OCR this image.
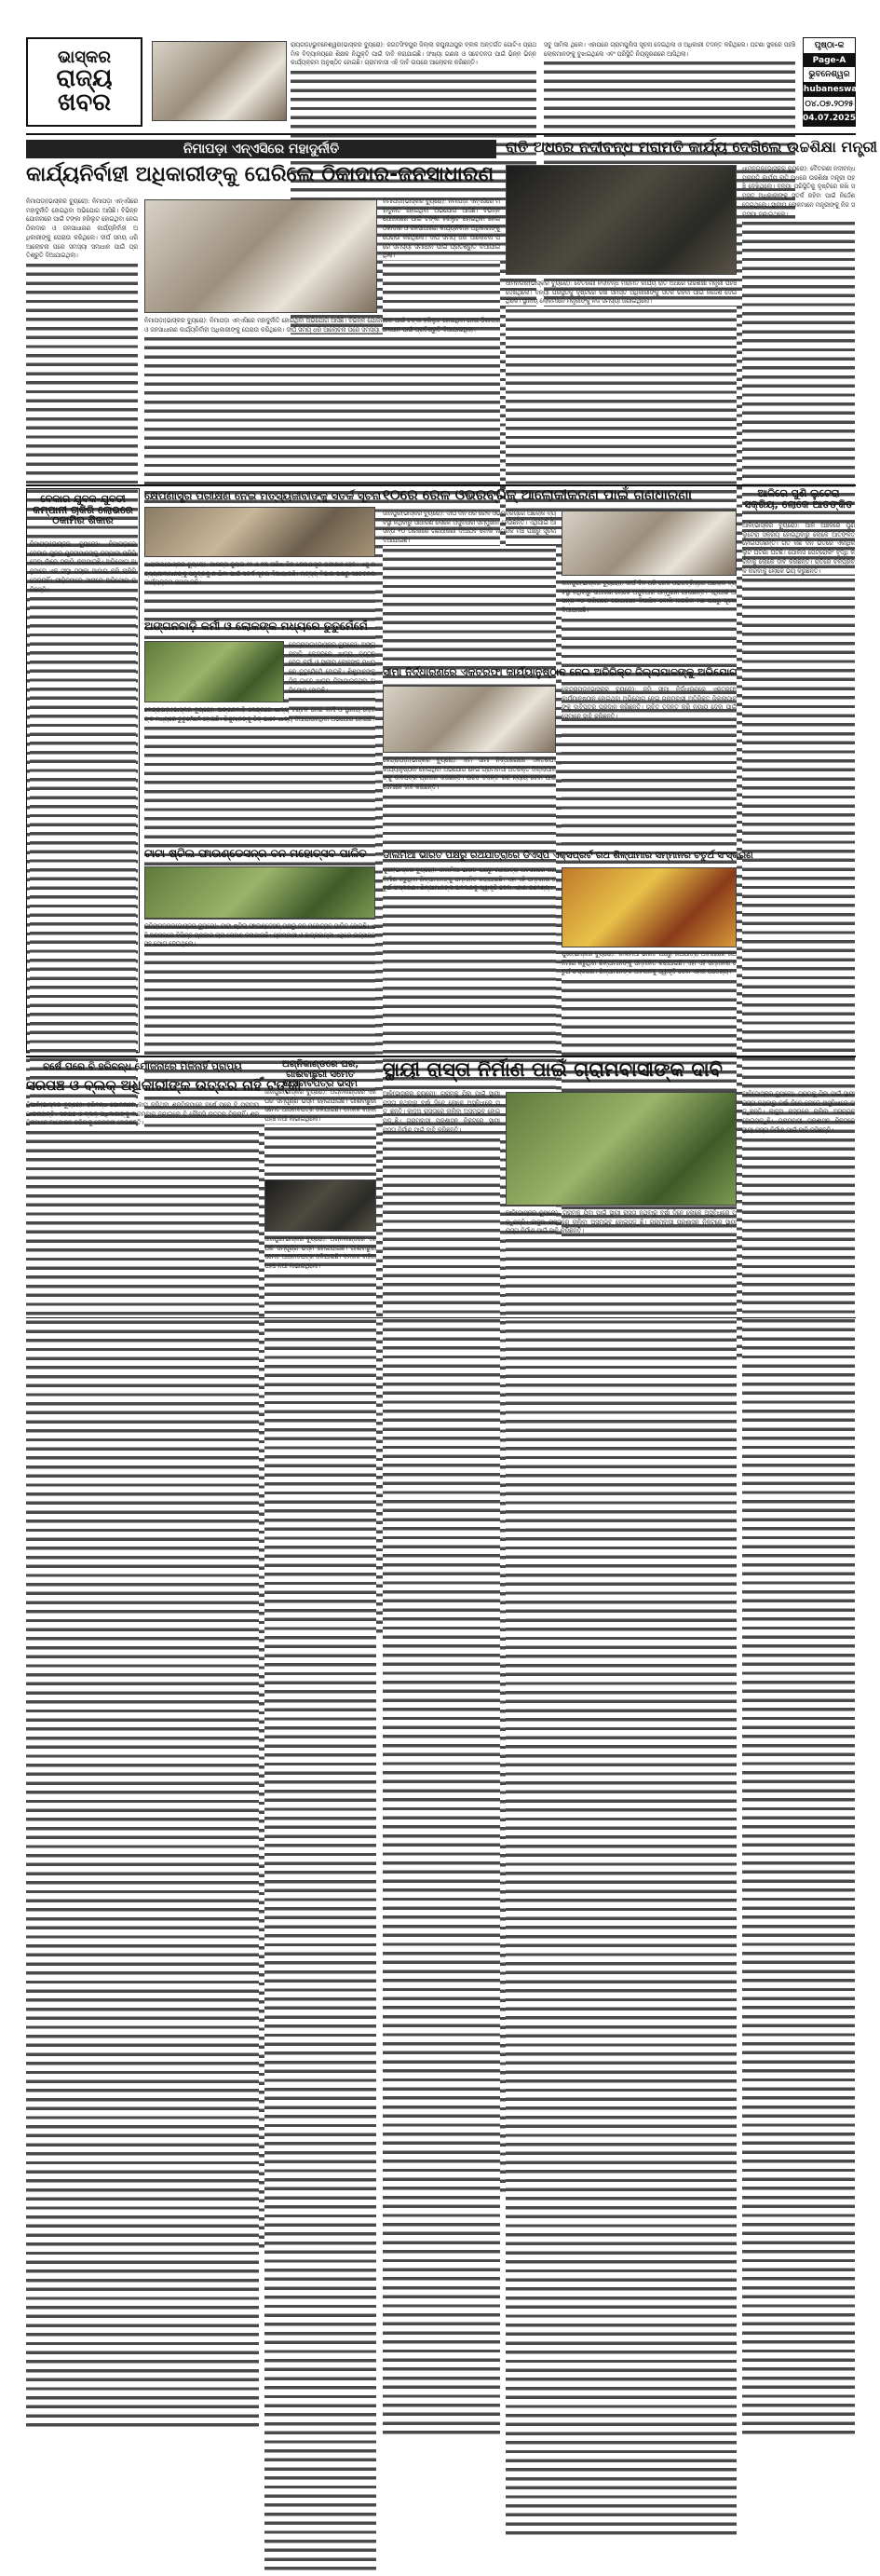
ଭାସ୍କର
ରାଜ୍ୟ ଖବର
ରାୟଗଡ଼ା/ଭୁବନେଶ୍ୱର(ଭାସ୍କର ବ୍ୟୁରୋ): ଜଗତସିଂହପୁର ଜିଲ୍ଲା ରଘୁନାଥପୁର ବ୍ଲକ ଅନ୍ତର୍ଗତ ଗୋଟିଏ ପ୍ରାଥମିକ ବିଦ୍ୟାଳୟରେ ଶିକ୍ଷକ ନିଯୁକ୍ତି ପାଇଁ ଦାବି କରାଯାଇଛି। ସଂଖ୍ୟା ଗଣନା ଓ ସଚେତନତା ପାଇଁ ଭିନ୍ନ ଭିନ୍ନ କାର୍ଯ୍ୟକ୍ରମ ଅନୁଷ୍ଠିତ ହୋଇଛି। ଗ୍ରାମବାସୀ ଏହି ଦାବି ଉପରେ ଆଲୋଚନା କରିଛନ୍ତି।
ସବୁ ସାମିଲ ଥିଲେ। ଏହାପରେ ଗ୍ରାମପୁଲିସ ସୂଚନା ଦେଇଥିଲା ଓ ଅଧିକାରୀ ତଦନ୍ତ କରିଥିଲେ। ଘଟଣା ସ୍ଥଳରେ ପହଞ୍ଚି ଲୋକମାନଙ୍କୁ ବୁଝାଇଥିଲେ ଏବଂ ପରିସ୍ଥିତି ନିୟନ୍ତ୍ରଣରେ ଆସିଥିଲା।
ପୃଷ୍ଠା-କ
Page-A
ଭୁବନେଶ୍ୱର
Bhubaneswar
୦୪.୦୭.୨୦୨୫
04.07.2025
ନିମାପଡ଼ା ଏନ୍‌ଏସିରେ ମହାଦୁର୍ନୀତି
କାର୍ଯ୍ୟନିର୍ବାହୀ ଅଧିକାରୀଙ୍କୁ ଘେରିଲେ ଠିକାଦାର-ଜନସାଧାରଣ
ନିମାପଡ଼ା(ଭାସ୍କର ବ୍ୟୁରୋ): ନିମାପଡ଼ା ଏନ୍‌ଏସିରେ ମହାଦୁର୍ନୀତି ହୋଇଥିବା ଅଭିଯୋଗ ଆସିଛି। ବିଭିନ୍ନ ଯୋଜନାରେ ପାଇଁ ଟଙ୍କା ହରିଲୁଟ ହୋଇଥିବା ନେଇ ଠିକାଦାର ଓ ଜନସାଧାରଣ କାର୍ଯ୍ୟନିର୍ବାହୀ ଅଧିକାରୀଙ୍କୁ ଘେରାଉ କରିଥିଲେ। ଦୀର୍ଘ ସମୟ ଧରି ଆଲୋଚନା ପରେ ସମସ୍ୟା ସମାଧାନ ପାଇଁ ପ୍ରତିଶ୍ରୁତି ଦିଆଯାଇଥିଲା।
ନିମାପଡ଼ା(ଭାସ୍କର ବ୍ୟୁରୋ): ନିମାପଡ଼ା ଏନ୍‌ଏସିରେ ମହାଦୁର୍ନୀତି ହୋଇଥିବା ଅଭିଯୋଗ ଆସିଛି। ବିଭିନ୍ନ ଯୋଜନାରେ ପାଇଁ ଟଙ୍କା ହରିଲୁଟ ହୋଇଥିବା ନେଇ ଠିକାଦାର ଓ ଜନସାଧାରଣ କାର୍ଯ୍ୟନିର୍ବାହୀ ଅଧିକାରୀଙ୍କୁ ଘେରାଉ କରିଥିଲେ। ଦୀର୍ଘ ସମୟ ଧରି ଆଲୋଚନା ପରେ ସମସ୍ୟା ସମାଧାନ ପାଇଁ ପ୍ରତିଶ୍ରୁତି ଦିଆଯାଇଥିଲା।
ନିମାପଡ଼ା(ଭାସ୍କର ବ୍ୟୁରୋ): ନିମାପଡ଼ା ଏନ୍‌ଏସିରେ ମହାଦୁର୍ନୀତି ହୋଇଥିବା ଅଭିଯୋଗ ଆସିଛି। ବିଭିନ୍ନ ଯୋଜନାରେ ପାଇଁ ଟଙ୍କା ହରିଲୁଟ ହୋଇଥିବା ନେଇ ଠିକାଦାର ଓ ଜନସାଧାରଣ କାର୍ଯ୍ୟନିର୍ବାହୀ ଅଧିକାରୀଙ୍କୁ ଘେରାଉ କରିଥିଲେ। ଦୀର୍ଘ ସମୟ ଧରି ଆଲୋଚନା ପରେ ସମସ୍ୟା ସମାଧାନ ପାଇଁ ପ୍ରତିଶ୍ରୁତି ଦିଆଯାଇଥିଲା।
ରାତି ଅଧରେ ନଦୀବନ୍ଧ ମରାମତି କାର୍ଯ୍ୟ ଦେଖିଲେ ଉଚ୍ଚଶିକ୍ଷା ମନ୍ତ୍ରୀ
ଧାମନଗର(ଭାସ୍କର ବ୍ୟୁରୋ): ବୈତରଣୀ ନଦୀବନ୍ଧ ମରାମତି କାର୍ଯ୍ୟ ରାତି ଅଧରେ ଉଚ୍ଚଶିକ୍ଷା ମନ୍ତ୍ରୀ ପହଞ୍ଚି ଦେଖିଥିଲେ। ବନ୍ୟା ପରିସ୍ଥିତିକୁ ଦୃଷ୍ଟିରେ ରଖି ସମସ୍ତ ଅଧିକାରୀଙ୍କୁ ସତର୍କ ରହିବା ପାଇଁ ନିର୍ଦ୍ଦେଶ ଦେଇଥିଲେ। ସ୍ଥାନୀୟ ଲୋକମାନେ ମନ୍ତ୍ରୀଙ୍କୁ ନିଜ ସମସ୍ୟା ଜଣାଇଥିଲେ।
ଧାମନଗର(ଭାସ୍କର ବ୍ୟୁରୋ): ବୈତରଣୀ ନଦୀବନ୍ଧ ମରାମତି କାର୍ଯ୍ୟ ରାତି ଅଧରେ ଉଚ୍ଚଶିକ୍ଷା ମନ୍ତ୍ରୀ ପହଞ୍ଚି ଦେଖିଥିଲେ। ବନ୍ୟା ପରିସ୍ଥିତିକୁ ଦୃଷ୍ଟିରେ ରଖି ସମସ୍ତ ଅଧିକାରୀଙ୍କୁ ସତର୍କ ରହିବା ପାଇଁ ନିର୍ଦ୍ଦେଶ ଦେଇଥିଲେ। ସ୍ଥାନୀୟ ଲୋକମାନେ ମନ୍ତ୍ରୀଙ୍କୁ ନିଜ ସମସ୍ୟା ଜଣାଇଥିଲେ।
ବେକାର ଯୁବକ-ଯୁବତୀ କମ୍ପାନୀ ଚାକିରି ଲୋଭରେ ଠକାମିର ଶିକାର
ନିମାପଡ଼ା(ଭାସ୍କର ବ୍ୟୁରୋ): ନିମାପଡ଼ାରେ ବେକାର ଯୁବକ ଯୁବତୀମାନଙ୍କୁ କମ୍ପାନୀ ଚାକିରି ଦେବା ନାଁରେ ଠକାମି କରାଯାଇଛି। ଅଭିଯୋଗ ଅନୁସାରେ ଏକ ସଂସ୍ଥା ଟଙ୍କା ଆଦାୟ କରି ଚାକିରି ଦେଇନାହିଁ। ପୀଡ଼ିତମାନେ ଥାନାରେ ଅଭିଯୋଗ କରିଛନ୍ତି।
କ୍ଷେପଣାସ୍ତ୍ର ପରୀକ୍ଷଣ ନେଇ ମତ୍ସ୍ୟଜୀବୀଙ୍କୁ ସତର୍କ ସୂଚନା
ପାରାଦୀପ(ଭାସ୍କର ବ୍ୟୁରୋ): ଆସନ୍ତା ଜୁଲାଇ ୧୨ ଓ ୧୩ ତାରିଖ ଦିନ କ୍ଷେପଣାସ୍ତ୍ର ପରୀକ୍ଷଣ ହେବ। ଏଣୁ ମତ୍ସ୍ୟଜୀବୀମାନଙ୍କୁ ସମୁଦ୍ରକୁ ନ ଯିବା ପାଇଁ ସତର୍କ ସୂଚନା ଦିଆଯାଇଛି। ମତ୍ସ୍ୟ ବିଭାଗ ପକ୍ଷରୁ ସଚେତନତା କାର୍ଯ୍ୟକ୍ରମ କରାଯାଇଛି।
୧୦ରେ ରେଳ ଓଭରବ୍ରିଜ୍ ଆଲୋକୀକରଣ ପାଇଁ ଗଣଧାରଣା
ଜାଜପୁର(ଭାସ୍କର ବ୍ୟୁରୋ): ଦୀର୍ଘ ଦିନ ଧରି ରେଳ ଓଭରବ୍ରିଜ୍‌ରେ ଆଲୋକ ବ୍ୟବସ୍ଥା ନଥିବାରୁ ସାଧାରଣ ଲୋକେ ଅସୁବିଧାର ସମ୍ମୁଖୀନ ହେଉଛନ୍ତି। ଏଥିପାଇଁ ଆସନ୍ତା ୧୦ ତାରିଖରେ ଗଣଧାରଣା ଦିଆଯିବ ବୋଲି ନାଗରିକ ମଞ୍ଚ ପକ୍ଷରୁ ସୂଚନା ଦିଆଯାଇଛି।
ଜାଜପୁର(ଭାସ୍କର ବ୍ୟୁରୋ): ଦୀର୍ଘ ଦିନ ଧରି ରେଳ ଓଭରବ୍ରିଜ୍‌ରେ ଆଲୋକ ବ୍ୟବସ୍ଥା ନଥିବାରୁ ସାଧାରଣ ଲୋକେ ଅସୁବିଧାର ସମ୍ମୁଖୀନ ହେଉଛନ୍ତି। ଏଥିପାଇଁ ଆସନ୍ତା ୧୦ ତାରିଖରେ ଗଣଧାରଣା ଦିଆଯିବ ବୋଲି ନାଗରିକ ମଞ୍ଚ ପକ୍ଷରୁ ସୂଚନା ଦିଆଯାଇଛି।
ଆଳିରେ ପୁଣି ଲୁଟେରା ସକ୍ରିୟ, ଲୋକେ ଆତଙ୍କିତ
ଆଳି(ଭାସ୍କର ବ୍ୟୁରୋ): ଆଳି ଅଞ୍ଚଳରେ ପୁଣି ଲୁଟେରା ସକ୍ରିୟ ହୋଇଥିବାରୁ ଲୋକେ ଆତଙ୍କିତ ହୋଇପଡ଼ିଛନ୍ତି। ଗତ କିଛି ଦିନ ଭିତରେ ଏକାଧିକ ଲୁଟ ଘଟଣା ଘଟିଛି। ପୋଲିସ ପେଟ୍ରୋଲିଂ ବୃଦ୍ଧି କରିବାକୁ ଲୋକେ ଦାବି କରିଛନ୍ତି। ରାତିରେ ଚଳପ୍ରଚଳ କରିବାକୁ ଲୋକେ ଭୟ କରୁଛନ୍ତି।
ଅଙ୍ଗନବାଡ଼ି କର୍ମୀ ଓ ଲୋକଙ୍କ ମଧ୍ୟରେ ତୁତୁମେଁମେଁ
କେନ୍ଦ୍ରାପଡ଼ା(ଭାସ୍କର ବ୍ୟୁରୋ): ଅଙ୍ଗନବାଡ଼ି କେନ୍ଦ୍ରରେ ଖାଦ୍ୟ ବଣ୍ଟନ ନେଇ କର୍ମୀ ଓ ସ୍ଥାନୀୟ ଲୋକଙ୍କ ମଧ୍ୟରେ ତୁତୁମେଁମେଁ ହୋଇଛି। ଶିଶୁମାନଙ୍କୁ ଠିକ୍ ଭାବେ ଖାଦ୍ୟ ଦିଆଯାଉନଥିବା ଅଭିଯୋଗ ହୋଇଛି।
କେନ୍ଦ୍ରାପଡ଼ା(ଭାସ୍କର ବ୍ୟୁରୋ): ଅଙ୍ଗନବାଡ଼ି କେନ୍ଦ୍ରରେ ଖାଦ୍ୟ ବଣ୍ଟନ ନେଇ କର୍ମୀ ଓ ସ୍ଥାନୀୟ ଲୋକଙ୍କ ମଧ୍ୟରେ ତୁତୁମେଁମେଁ ହୋଇଛି। ଶିଶୁମାନଙ୍କୁ ଠିକ୍ ଭାବେ ଖାଦ୍ୟ ଦିଆଯାଉନଥିବା ଅଭିଯୋଗ ହୋଇଛି।
ସୀମା ନିର୍ଦ୍ଧାରଣରେ ଏକତରଫା କାର୍ଯ୍ୟାନୁଷ୍ଠାନ ନେଇ ଅତିରିକ୍ତ ଜିଲ୍ଲାପାଳଙ୍କୁ ଅଭିଯୋଗ
କେନ୍ଦ୍ରାପଡ଼ା(ଭାସ୍କର ବ୍ୟୁରୋ): ଜମି ସୀମା ନିର୍ଦ୍ଧାରଣରେ ଏକତରଫା କାର୍ଯ୍ୟାନୁଷ୍ଠାନ ହୋଇଥିବା ଅଭିଯୋଗ ନେଇ ଗ୍ରାମବାସୀ ଅତିରିକ୍ତ ଜିଲ୍ଲାପାଳଙ୍କୁ ଦାବିପତ୍ର ପ୍ରଦାନ କରିଛନ୍ତି। ଉଚିତ ତଦନ୍ତ କରି ନ୍ୟାୟ ଦେବା ପାଇଁ ସେମାନେ ଦାବି କରିଛନ୍ତି।
କେନ୍ଦ୍ରାପଡ଼ା(ଭାସ୍କର ବ୍ୟୁରୋ): ଜମି ସୀମା ନିର୍ଦ୍ଧାରଣରେ ଏକତରଫା କାର୍ଯ୍ୟାନୁଷ୍ଠାନ ହୋଇଥିବା ଅଭିଯୋଗ ନେଇ ଗ୍ରାମବାସୀ ଅତିରିକ୍ତ ଜିଲ୍ଲାପାଳଙ୍କୁ ଦାବିପତ୍ର ପ୍ରଦାନ କରିଛନ୍ତି। ଉଚିତ ତଦନ୍ତ କରି ନ୍ୟାୟ ଦେବା ପାଇଁ ସେମାନେ ଦାବି କରିଛନ୍ତି।
ଟାଟା ଷ୍ଟିଲ ଫାଉଣ୍ଡେସନ୍‌ର ବନ ମହୋତ୍ସବ ପାଳିତ
କଳିଙ୍ଗନଗର(ଭାସ୍କର ବ୍ୟୁରୋ): ଟାଟା ଷ୍ଟିଲ ଫାଉଣ୍ଡେସନ୍ ପକ୍ଷରୁ ବନ ମହୋତ୍ସବ ପାଳିତ ହୋଇଛି। ଏହି ଅବସରରେ ବିଭିନ୍ନ ପ୍ରକାର ଚାରା ରୋପଣ କରାଯାଇଛି। ଗ୍ରାମବାସୀ ଓ ଛାତ୍ରଛାତ୍ରୀ ଏଥିରେ ଉତ୍ସାହର ସହ ଯୋଗ ଦେଇଥିଲେ।
ଡାଲମିଆ ଭାରତ ପକ୍ଷରୁ ରଥଯାତ୍ରାରେ ଡିଏସ୍‌ପି ଏକ୍ସପ୍ରର୍ଟ ରଥ ଶିଳ୍ପୀମାର ସମ୍ମାନର ଚତୁର୍ଥ ସଂସ୍କରଣ
ପୁରୀ(ଭାସ୍କର ବ୍ୟୁରୋ): ଡାଲମିଆ ଭାରତ ପକ୍ଷରୁ ରଥଯାତ୍ରା ଅବସରରେ ରଥ ନିର୍ମାଣ କରୁଥିବା ଶିଳ୍ପୀମାନଙ୍କୁ ସମ୍ମାନିତ କରାଯାଇଛି। ଏହା ଏହି ସମ୍ମାନର ଚତୁର୍ଥ ସଂସ୍କରଣ। ଶିଳ୍ପୀମାନଙ୍କ ଅବଦାନକୁ ସ୍ୱୀକୃତି ଦେବା ଏହାର ଉଦ୍ଦେଶ୍ୟ।
ପୁରୀ(ଭାସ୍କର ବ୍ୟୁରୋ): ଡାଲମିଆ ଭାରତ ପକ୍ଷରୁ ରଥଯାତ୍ରା ଅବସରରେ ରଥ ନିର୍ମାଣ କରୁଥିବା ଶିଳ୍ପୀମାନଙ୍କୁ ସମ୍ମାନିତ କରାଯାଇଛି। ଏହା ଏହି ସମ୍ମାନର ଚତୁର୍ଥ ସଂସ୍କରଣ। ଶିଳ୍ପୀମାନଙ୍କ ଅବଦାନକୁ ସ୍ୱୀକୃତି ଦେବା ଏହାର ଉଦ୍ଦେଶ୍ୟ।
ବର୍ଷେ ପରେ ବି ହରିବନ୍ଧ ଯୋଜନାରେ ମିଳିନାହିଁ ପ୍ରାପ୍ୟ
ସରପଞ୍ଚ ଓ ବ୍ଲକ୍ ଅଧିକାରୀଙ୍କ ଉତ୍ତର ନାହିଁ ଟଙ୍କା
ନିଆଳି(ଭାସ୍କର ବ୍ୟୁରୋ): ହରିବନ୍ଧ ଯୋଜନାରେ କାମ କରିଥିବା ଶ୍ରମିକମାନେ ବର୍ଷେ ପରେ ବି ପ୍ରାପ୍ୟ ପାଇନାହାନ୍ତି। ସରପଞ୍ଚ ଓ ବ୍ଲକ୍ ଅଧିକାରୀଙ୍କୁ ବାରମ୍ବାର ଜଣାଇଲେ ବି କୌଣସି ଉତ୍ତର ମିଳୁନାହିଁ। ଶ୍ରମିକମାନେ ଆନ୍ଦୋଳନ କରିବାକୁ ଚେତାବନୀ ଦେଇଛନ୍ତି।
ଅଗ୍ନିକାଣ୍ଡରେ ଘର, ଗାଈବାଛୁରୀ ସମେତ ଆସବାବପତ୍ର ଭସ୍ମ
ଜାଜପୁର(ଭାସ୍କର ବ୍ୟୁରୋ): ଅଗ୍ନିକାଣ୍ଡରେ ଏକ ଘର ସମ୍ପୂର୍ଣ୍ଣ ଭସ୍ମ ହୋଇଯାଇଛି। ଗାଈବାଛୁରୀ ସମେତ ଆସବାବପତ୍ର ଜଳିଯାଇଛି। ଦମକଳ ବାହିନୀ ପହଞ୍ଚି ନିଆଁ ଲିଭାଇଥିଲେ।
ଜାଜପୁର(ଭାସ୍କର ବ୍ୟୁରୋ): ଅଗ୍ନିକାଣ୍ଡରେ ଏକ ଘର ସମ୍ପୂର୍ଣ୍ଣ ଭସ୍ମ ହୋଇଯାଇଛି। ଗାଈବାଛୁରୀ ସମେତ ଆସବାବପତ୍ର ଜଳିଯାଇଛି। ଦମକଳ ବାହିନୀ ପହଞ୍ଚି ନିଆଁ ଲିଭାଇଥିଲେ।
ସ୍ଥାୟୀ ରାସ୍ତା ନିର୍ମାଣ ପାଇଁ ଗ୍ରାମବାସୀଙ୍କ ଦାବି
ଆଳି(ଭାସ୍କର ବ୍ୟୁରୋ): ଗ୍ରାମକୁ ଯିବା ପାଇଁ ସ୍ଥାୟୀ ରାସ୍ତା ନଥିବାରୁ ବର୍ଷା ଦିନେ ଲୋକେ ଅସୁବିଧାରେ ପଡ଼ୁଛନ୍ତି। କାଦୁଅ ରାସ୍ତାରେ ଚାଲିବା ଅସମ୍ଭବ ହୋଇପଡ଼ୁଛି। ଗ୍ରାମବାସୀ ପ୍ରଶାସନ ନିକଟରେ ସ୍ଥାୟୀ ରାସ୍ତା ନିର୍ମାଣ ପାଇଁ ଦାବି କରିଛନ୍ତି।
ଆଳି(ଭାସ୍କର ବ୍ୟୁରୋ): ଗ୍ରାମକୁ ଯିବା ପାଇଁ ସ୍ଥାୟୀ ରାସ୍ତା ନଥିବାରୁ ବର୍ଷା ଦିନେ ଲୋକେ ଅସୁବିଧାରେ ପଡ଼ୁଛନ୍ତି। କାଦୁଅ ରାସ୍ତାରେ ଚାଲିବା ଅସମ୍ଭବ ହୋଇପଡ଼ୁଛି। ଗ୍ରାମବାସୀ ପ୍ରଶାସନ ନିକଟରେ ସ୍ଥାୟୀ ରାସ୍ତା ନିର୍ମାଣ ପାଇଁ ଦାବି କରିଛନ୍ତି।
ଆଳି(ଭାସ୍କର ବ୍ୟୁରୋ): ଗ୍ରାମକୁ ଯିବା ପାଇଁ ସ୍ଥାୟୀ ରାସ୍ତା ନଥିବାରୁ ବର୍ଷା ଦିନେ ଲୋକେ ଅସୁବିଧାରେ ପଡ଼ୁଛନ୍ତି। କାଦୁଅ ରାସ୍ତାରେ ଚାଲିବା ଅସମ୍ଭବ ହୋଇପଡ଼ୁଛି। ଗ୍ରାମବାସୀ ପ୍ରଶାସନ ନିକଟରେ ସ୍ଥାୟୀ ରାସ୍ତା ନିର୍ମାଣ ପାଇଁ ଦାବି କରିଛନ୍ତି।
